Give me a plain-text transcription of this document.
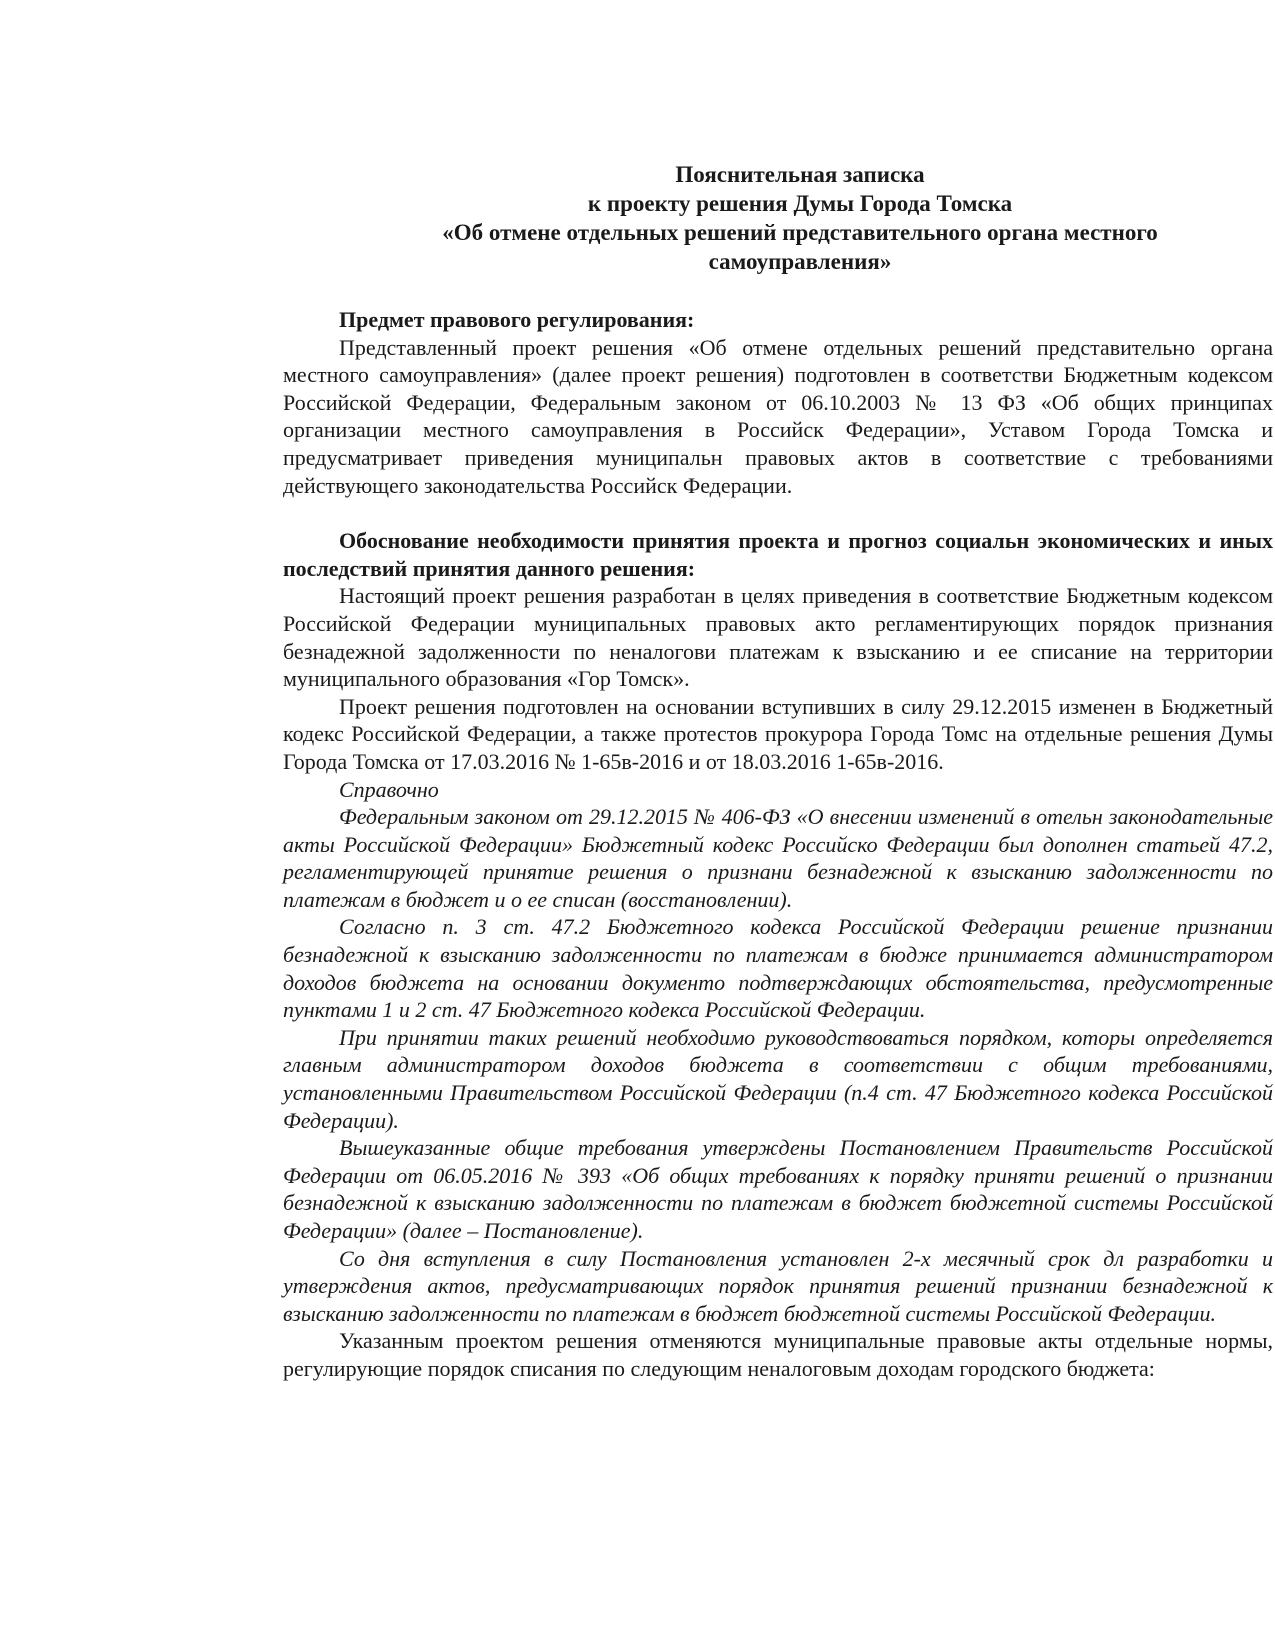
Пояснительная записка
к проекту решения Думы Города Томска
«Об отмене отдельных решений представительного органа местного
самоуправления»

Предмет правового регулирования:

Представленный проект решения «Об отмене отдельных решений представительно органа местного самоуправления» (далее проект решения) подготовлен в соответстви Бюджетным кодексом Российской Федерации, Федеральным законом от 06.10.2003 № 13 ФЗ «Об общих принципах организации местного самоуправления в Российск Федерации», Уставом Города Томска и предусматривает приведения муниципальн правовых актов в соответствие с требованиями действующего законодательства Российск Федерации.

Обоснование необходимости принятия проекта и прогноз социальн экономических и иных последствий принятия данного решения:

Настоящий проект решения разработан в целях приведения в соответствие Бюджетным кодексом Российской Федерации муниципальных правовых акто регламентирующих порядок признания безнадежной задолженности по неналогови платежам к взысканию и ее списание на территории муниципального образования «Гор Томск».

Проект решения подготовлен на основании вступивших в силу 29.12.2015 изменен в Бюджетный кодекс Российской Федерации, а также протестов прокурора Города Томс на отдельные решения Думы Города Томска от 17.03.2016 № 1-65в-2016 и от 18.03.2016 1-65в-2016.

Справочно

Федеральным законом от 29.12.2015 № 406-ФЗ «О внесении изменений в отельн законодательные акты Российской Федерации» Бюджетный кодекс Российско Федерации был дополнен статьей 47.2, регламентирующей принятие решения о признани безнадежной к взысканию задолженности по платежам в бюджет и о ее списан (восстановлении).

Согласно п. 3 ст. 47.2 Бюджетного кодекса Российской Федерации решение признании безнадежной к взысканию задолженности по платежам в бюдже принимается администратором доходов бюджета на основании документо подтверждающих обстоятельства, предусмотренные пунктами 1 и 2 ст. 47 Бюджетного кодекса Российской Федерации.

При принятии таких решений необходимо руководствоваться порядком, которы определяется главным администратором доходов бюджета в соответствии с общим требованиями, установленными Правительством Российской Федерации (п.4 ст. 47 Бюджетного кодекса Российской Федерации).

Вышеуказанные общие требования утверждены Постановлением Правительств Российской Федерации от 06.05.2016 № 393 «Об общих требованиях к порядку приняти решений о признании безнадежной к взысканию задолженности по платежам в бюджет бюджетной системы Российской Федерации» (далее – Постановление).

Со дня вступления в силу Постановления установлен 2-х месячный срок дл разработки и утверждения актов, предусматривающих порядок принятия решений признании безнадежной к взысканию задолженности по платежам в бюджет бюджетной системы Российской Федерации.

Указанным проектом решения отменяются муниципальные правовые акты отдельные нормы, регулирующие порядок списания по следующим неналоговым доходам городского бюджета:
